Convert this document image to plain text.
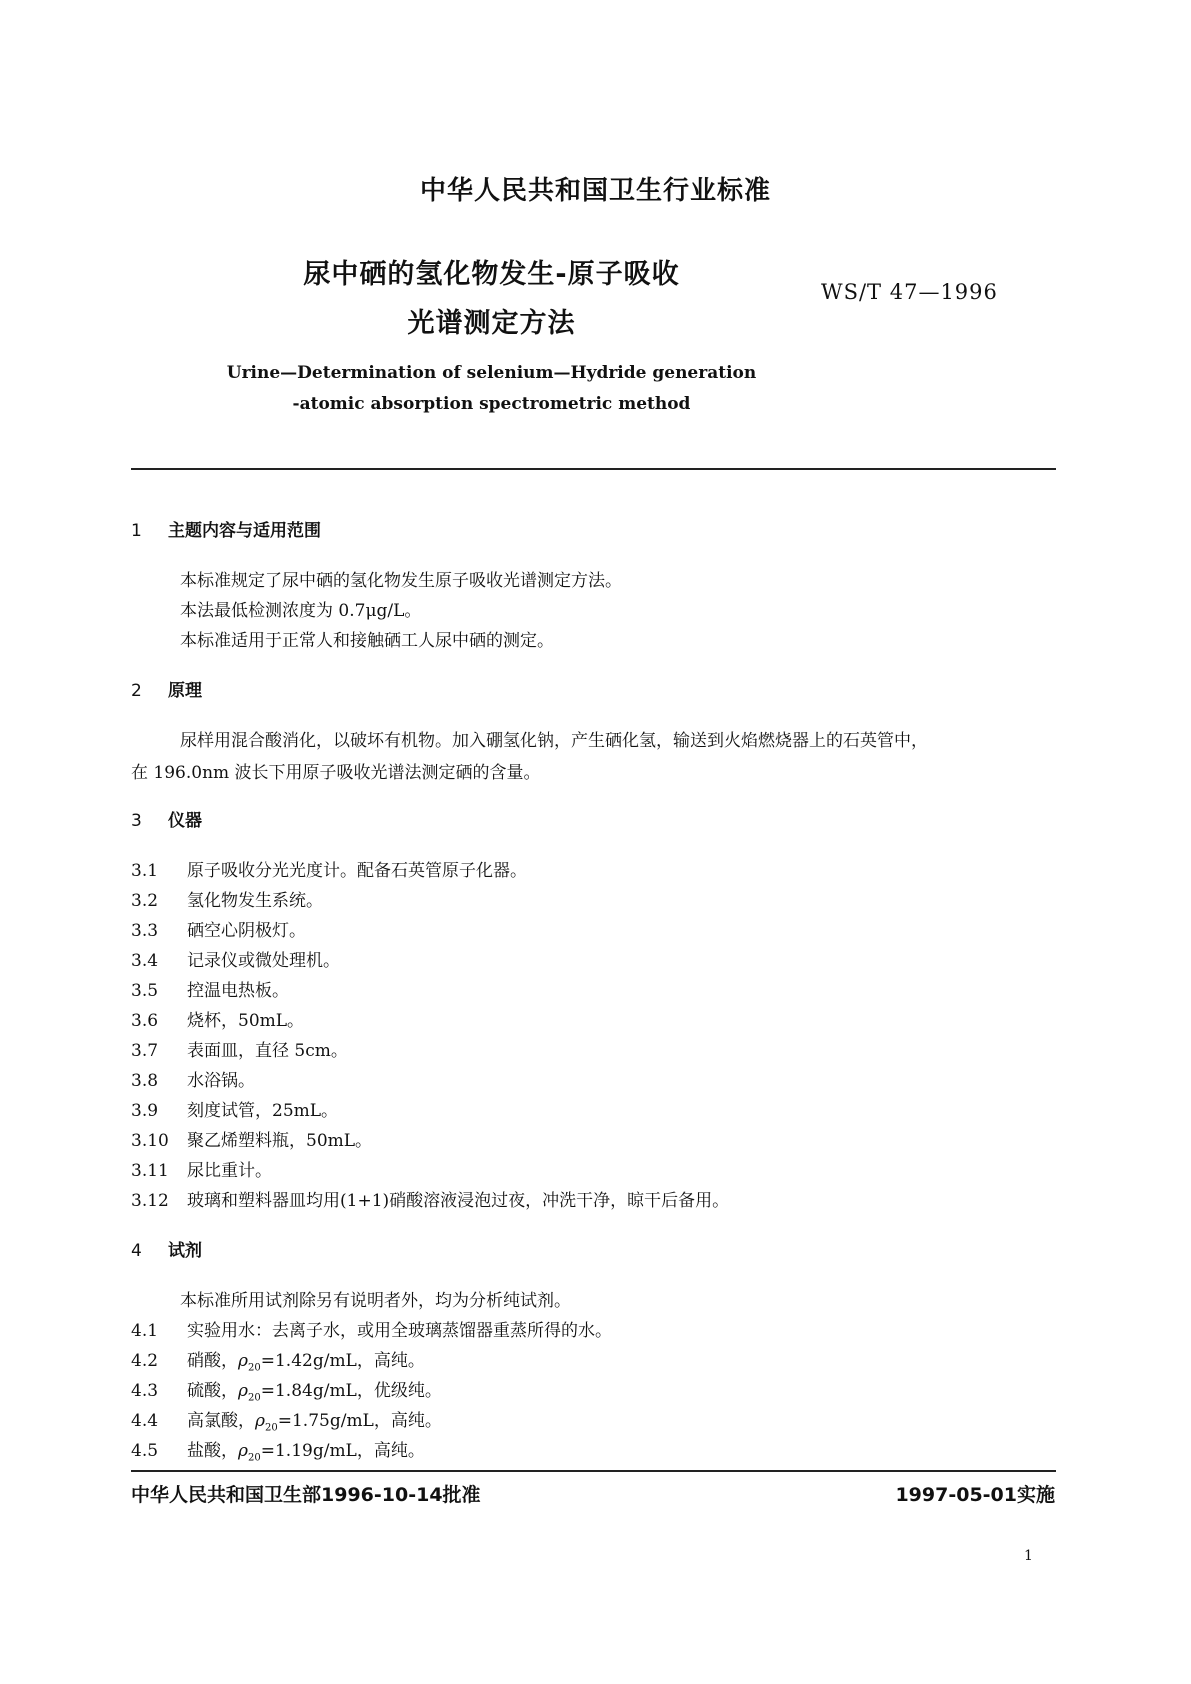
中华人民共和国卫生行业标准
尿中硒的氢化物发生-原子吸收
光谱测定方法
WS/T 47—1996
Urine—Determination of selenium—Hydride generation
-atomic absorption spectrometric method
1 主题内容与适用范围
本标准规定了尿中硒的氢化物发生原子吸收光谱测定方法。
本法最低检测浓度为 0.7μg/L。
本标准适用于正常人和接触硒工人尿中硒的测定。
2 原理
尿样用混合酸消化，以破坏有机物。加入硼氢化钠，产生硒化氢，输送到火焰燃烧器上的石英管中，
在 196.0nm 波长下用原子吸收光谱法测定硒的含量。
3 仪器
3.1 原子吸收分光光度计。配备石英管原子化器。
3.2 氢化物发生系统。
3.3 硒空心阴极灯。
3.4 记录仪或微处理机。
3.5 控温电热板。
3.6 烧杯，50mL。
3.7 表面皿，直径 5cm。
3.8 水浴锅。
3.9 刻度试管，25mL。
3.10 聚乙烯塑料瓶，50mL。
3.11 尿比重计。
3.12 玻璃和塑料器皿均用(1+1)硝酸溶液浸泡过夜，冲洗干净，晾干后备用。
4 试剂
本标准所用试剂除另有说明者外，均为分析纯试剂。
4.1 实验用水：去离子水，或用全玻璃蒸馏器重蒸所得的水。
4.2 硝酸，$\rho_{20}=1.42g/mL$，高纯。
4.3 硫酸，$\rho_{20}=1.84g/mL$，优级纯。
4.4 高氯酸，$\rho_{20}=1.75g/mL$，高纯。
4.5 盐酸，$\rho_{20}=1.19g/mL$，高纯。
中华人民共和国卫生部1996-10-14批准	1997-05-01实施
1
